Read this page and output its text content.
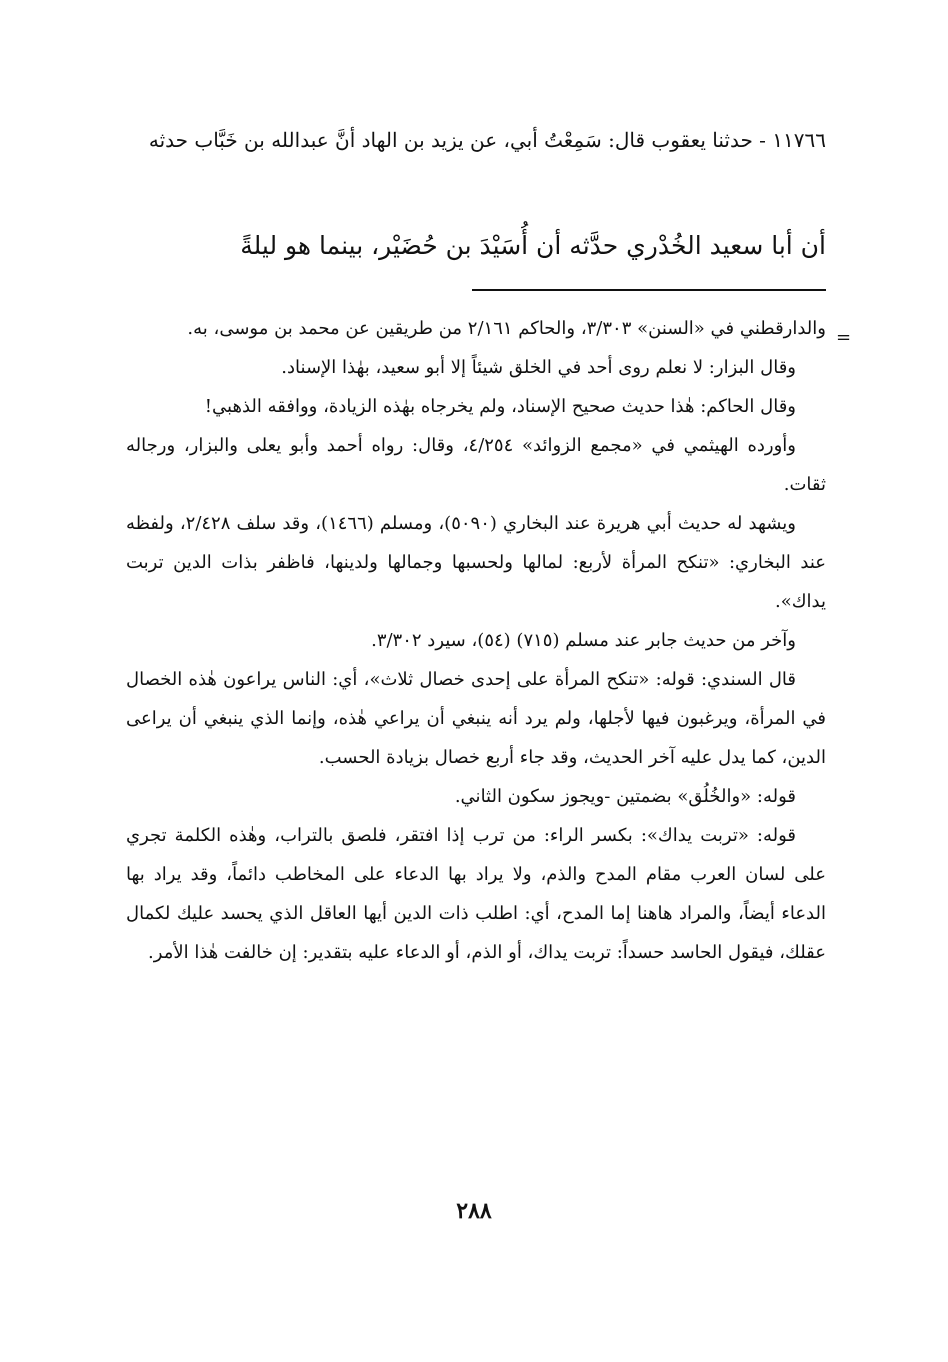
١١٧٦٦ - حدثنا يعقوب قال: سَمِعْتُ أبي، عن يزيد بن الهاد أنَّ عبدالله بن خَبَّاب حدثه
أن أبا سعيد الخُدْري حدَّثه أن أُسَيْدَ بن حُضَيْر، بينما هو ليلةً
=

والدارقطني في «السنن» ٣/٣٠٣، والحاكم ٢/١٦١ من طريقين عن محمد بن موسى، به.

وقال البزار: لا نعلم روى أحد في الخلق شيئاً إلا أبو سعيد، بهٰذا الإسناد.

وقال الحاكم: هٰذا حديث صحيح الإسناد، ولم يخرجاه بهٰذه الزيادة، ووافقه الذهبي!

وأورده الهيثمي في «مجمع الزوائد» ٤/٢٥٤، وقال: رواه أحمد وأبو يعلى والبزار، ورجاله ثقات.

ويشهد له حديث أبي هريرة عند البخاري (٥٠٩٠)، ومسلم (١٤٦٦)، وقد سلف ٢/٤٢٨، ولفظه عند البخاري: «تنكح المرأة لأربع: لمالها ولحسبها وجمالها ولدينها، فاظفر بذات الدين تربت يداك».

وآخر من حديث جابر عند مسلم (٧١٥) (٥٤)، سيرد ٣/٣٠٢.

قال السندي: قوله: «تنكح المرأة على إحدى خصال ثلاث»، أي: الناس يراعون هٰذه الخصال في المرأة، ويرغبون فيها لأجلها، ولم يرد أنه ينبغي أن يراعي هٰذه، وإنما الذي ينبغي أن يراعى الدين، كما يدل عليه آخر الحديث، وقد جاء أربع خصال بزيادة الحسب.

قوله: «والخُلُق» بضمتين -ويجوز سكون الثاني.

قوله: «تربت يداك»: بكسر الراء: من ترب إذا افتقر، فلصق بالتراب، وهٰذه الكلمة تجري على لسان العرب مقام المدح والذم، ولا يراد بها الدعاء على المخاطب دائماً، وقد يراد بها الدعاء أيضاً، والمراد هاهنا إما المدح، أي: اطلب ذات الدين أيها العاقل الذي يحسد عليك لكمال عقلك، فيقول الحاسد حسداً: تربت يداك، أو الذم، أو الدعاء عليه بتقدير: إن خالفت هٰذا الأمر.

٢٨٨
